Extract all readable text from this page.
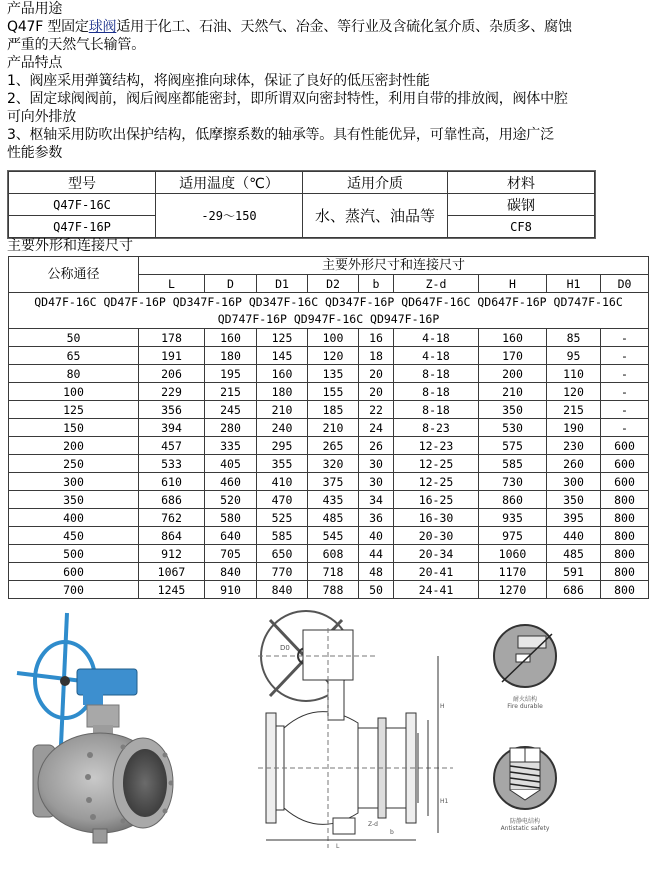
产品用途
Q47F 型固定球阀适用于化工、石油、天然气、冶金、等行业及含硫化氢介质、杂质多、腐蚀
严重的天然气长输管。
产品特点
1、阀座采用弹簧结构，将阀座推向球体，保证了良好的低压密封性能
2、固定球阀阀前，阀后阀座都能密封，即所谓双向密封特性，利用自带的排放阀，阀体中腔
可向外排放
3、枢轴采用防吹出保护结构，低摩擦系数的轴承等。具有性能优异，可靠性高，用途广泛
性能参数
型号	适用温度（℃）	适用介质	材料
Q47F-16C	-29～150	水、蒸汽、油品等	碳钢
Q47F-16P			CF8
主要外形和连接尺寸
公称通径	主要外形尺寸和连接尺寸								
	L	D	D1	D2	b	Z-d	H	H1	D0

QD47F-16C QD47F-16P QD347F-16P QD347F-16C QD347F-16P QD647F-16C QD647F-16P QD747F-16C
QD747F-16P QD947F-16C QD947F-16P									

50	178	160	125	100	16	4-18	160	85	-
65	191	180	145	120	18	4-18	170	95	-
80	206	195	160	135	20	8-18	200	110	-
100	229	215	180	155	20	8-18	210	120	-
125	356	245	210	185	22	8-18	350	215	-
150	394	280	240	210	24	8-23	530	190	-
200	457	335	295	265	26	12-23	575	230	600
250	533	405	355	320	30	12-25	585	260	600
300	610	460	410	375	30	12-25	730	300	600
350	686	520	470	435	34	16-25	860	350	800
400	762	580	525	485	36	16-30	935	395	800
450	864	640	585	545	40	20-30	975	440	800
500	912	705	650	608	44	20-34	1060	485	800
600	1067	840	770	718	48	20-41	1170	591	800
700	1245	910	840	788	50	24-41	1270	686	800
D0
H
H1
L
Z-d
b
耐火结构
Fire durable
防静电结构
Antistatic safety
